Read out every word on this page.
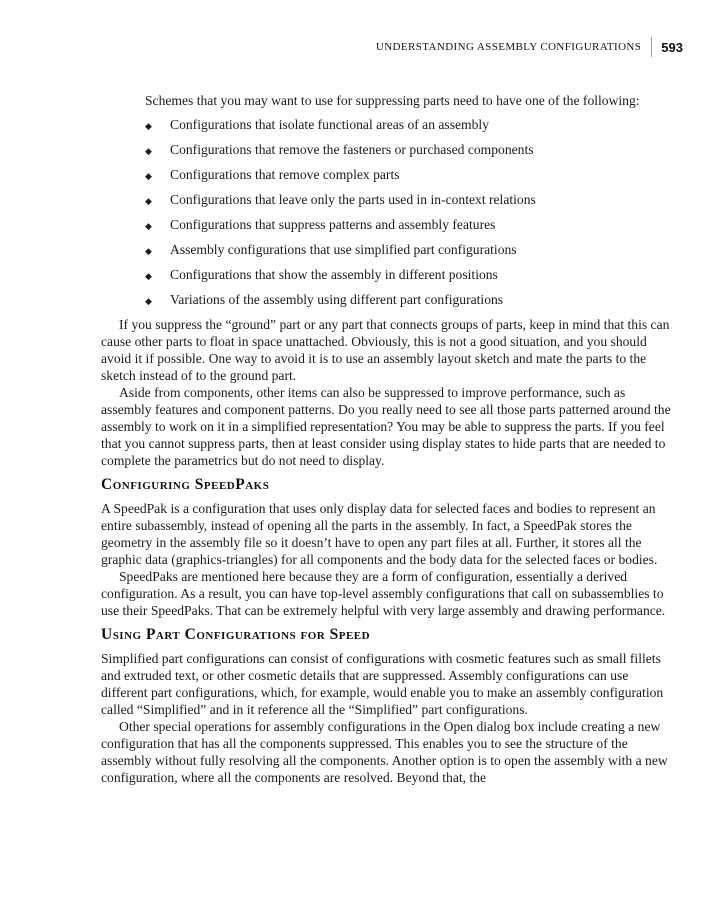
UNDERSTANDING ASSEMBLY CONFIGURATIONS 593

Schemes that you may want to use for suppressing parts need to have one of the following:

◆	Configurations that isolate functional areas of an assembly
◆	Configurations that remove the fasteners or purchased components
◆	Configurations that remove complex parts
◆	Configurations that leave only the parts used in in-context relations
◆	Configurations that suppress patterns and assembly features
◆	Assembly configurations that use simplified part configurations
◆	Configurations that show the assembly in different positions
◆	Variations of the assembly using different part configurations

If you suppress the “ground” part or any part that connects groups of parts, keep in mind that this can cause other parts to float in space unattached. Obviously, this is not a good situation, and you should avoid it if possible. One way to avoid it is to use an assembly layout sketch and mate the parts to the sketch instead of to the ground part.

Aside from components, other items can also be suppressed to improve performance, such as assembly features and component patterns. Do you really need to see all those parts patterned around the assembly to work on it in a simplified representation? You may be able to suppress the parts. If you feel that you cannot suppress parts, then at least consider using display states to hide parts that are needed to complete the parametrics but do not need to display.

Configuring SpeedPaks

A SpeedPak is a configuration that uses only display data for selected faces and bodies to represent an entire subassembly, instead of opening all the parts in the assembly. In fact, a SpeedPak stores the geometry in the assembly file so it doesn’t have to open any part files at all. Further, it stores all the graphic data (graphics-triangles) for all components and the body data for the selected faces or bodies.

SpeedPaks are mentioned here because they are a form of configuration, essentially a derived configuration. As a result, you can have top-level assembly configurations that call on subassemblies to use their SpeedPaks. That can be extremely helpful with very large assembly and drawing performance.

Using Part Configurations for Speed

Simplified part configurations can consist of configurations with cosmetic features such as small fillets and extruded text, or other cosmetic details that are suppressed. Assembly configurations can use different part configurations, which, for example, would enable you to make an assembly configuration called “Simplified” and in it reference all the “Simplified” part configurations.

Other special operations for assembly configurations in the Open dialog box include creating a new configuration that has all the components suppressed. This enables you to see the structure of the assembly without fully resolving all the components. Another option is to open the assembly with a new configuration, where all the components are resolved. Beyond that, the
